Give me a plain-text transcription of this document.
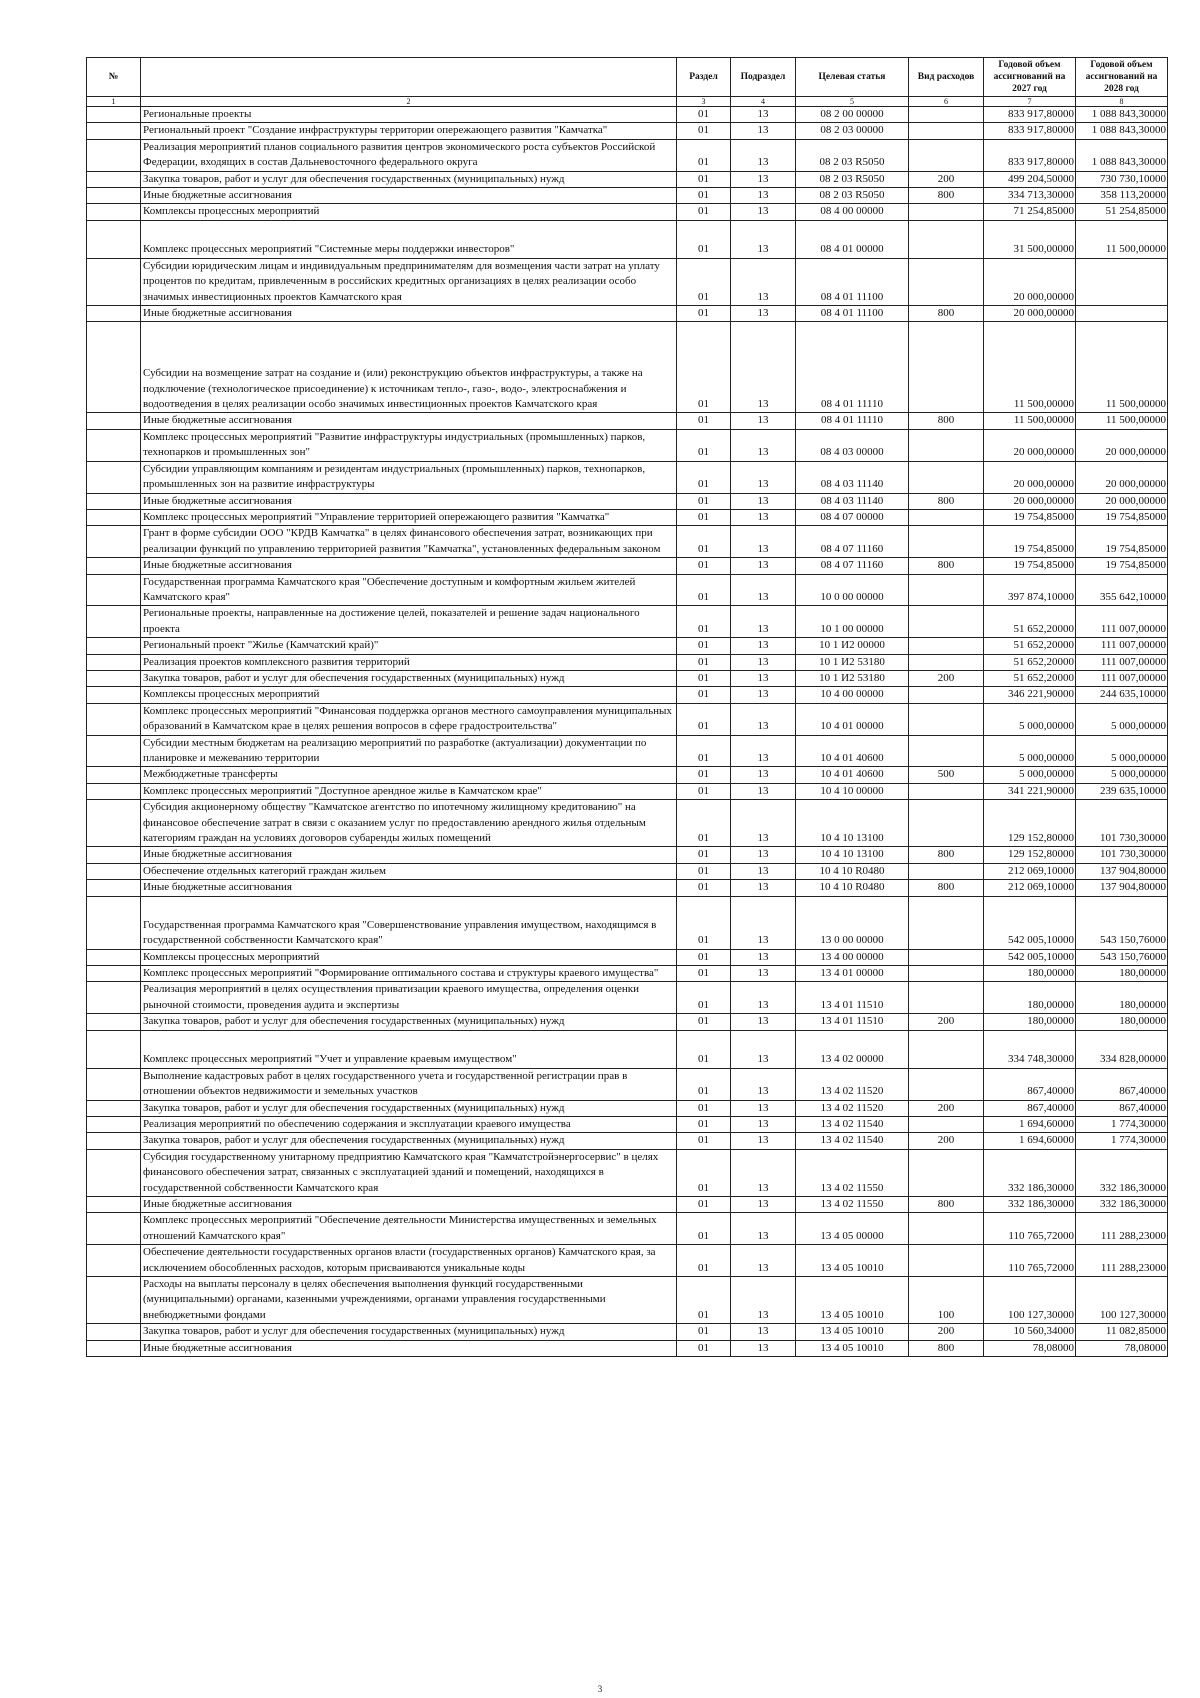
№		Раздел	Подраздел	Целевая статья	Вид расходов	Годовой объем ассигнований на 2027 год	Годовой объем ассигнований на 2028 год
1	2	3	4	5	6	7	8
	Региональные проекты	01	13	08 2 00 00000		833 917,80000	1 088 843,30000
	Региональный проект "Создание инфраструктуры территории опережающего развития "Камчатка"	01	13	08 2 03 00000		833 917,80000	1 088 843,30000
	Реализация мероприятий планов социального развития центров экономического роста субъектов Российской Федерации, входящих в состав Дальневосточного федерального округа	01	13	08 2 03 R5050		833 917,80000	1 088 843,30000
	Закупка товаров, работ и услуг для обеспечения государственных (муниципальных) нужд	01	13	08 2 03 R5050	200	499 204,50000	730 730,10000
	Иные бюджетные ассигнования	01	13	08 2 03 R5050	800	334 713,30000	358 113,20000
	Комплексы процессных мероприятий	01	13	08 4 00 00000		71 254,85000	51 254,85000
	Комплекс процессных мероприятий "Системные меры поддержки инвесторов"	01	13	08 4 01 00000		31 500,00000	11 500,00000
	Субсидии юридическим лицам и индивидуальным предпринимателям для возмещения части затрат на уплату процентов по кредитам, привлеченным в российских кредитных организациях в целях реализации особо значимых инвестиционных проектов Камчатского края	01	13	08 4 01 11100		20 000,00000	
	Иные бюджетные ассигнования	01	13	08 4 01 11100	800	20 000,00000	
	Субсидии на возмещение затрат на создание и (или) реконструкцию объектов инфраструктуры, а также на подключение (технологическое присоединение) к источникам тепло-, газо-, водо-, электроснабжения и водоотведения в целях реализации особо значимых инвестиционных проектов Камчатского края	01	13	08 4 01 11110		11 500,00000	11 500,00000
	Иные бюджетные ассигнования	01	13	08 4 01 11110	800	11 500,00000	11 500,00000
	Комплекс процессных мероприятий "Развитие инфраструктуры индустриальных (промышленных) парков, технопарков и промышленных зон"	01	13	08 4 03 00000		20 000,00000	20 000,00000
	Субсидии управляющим компаниям и резидентам индустриальных (промышленных) парков, технопарков, промышленных зон на развитие инфраструктуры	01	13	08 4 03 11140		20 000,00000	20 000,00000
	Иные бюджетные ассигнования	01	13	08 4 03 11140	800	20 000,00000	20 000,00000
	Комплекс процессных мероприятий "Управление территорией опережающего развития "Камчатка"	01	13	08 4 07 00000		19 754,85000	19 754,85000
	Грант в форме субсидии ООО "КРДВ Камчатка" в целях финансового обеспечения затрат, возникающих при реализации функций по управлению территорией развития "Камчатка", установленных федеральным законом	01	13	08 4 07 11160		19 754,85000	19 754,85000
	Иные бюджетные ассигнования	01	13	08 4 07 11160	800	19 754,85000	19 754,85000
	Государственная программа Камчатского края "Обеспечение доступным и комфортным жильем жителей Камчатского края"	01	13	10 0 00 00000		397 874,10000	355 642,10000
	Региональные проекты, направленные на достижение целей, показателей и решение задач национального проекта	01	13	10 1 00 00000		51 652,20000	111 007,00000
	Региональный проект "Жилье (Камчатский край)"	01	13	10 1 И2 00000		51 652,20000	111 007,00000
	Реализация проектов комплексного развития территорий	01	13	10 1 И2 53180		51 652,20000	111 007,00000
	Закупка товаров, работ и услуг для обеспечения государственных (муниципальных) нужд	01	13	10 1 И2 53180	200	51 652,20000	111 007,00000
	Комплексы процессных мероприятий	01	13	10 4 00 00000		346 221,90000	244 635,10000
	Комплекс процессных мероприятий "Финансовая поддержка органов местного самоуправления муниципальных образований в Камчатском крае в целях решения вопросов в сфере градостроительства"	01	13	10 4 01 00000		5 000,00000	5 000,00000
	Субсидии местным бюджетам на реализацию мероприятий по разработке (актуализации) документации по планировке и межеванию территории	01	13	10 4 01 40600		5 000,00000	5 000,00000
	Межбюджетные трансферты	01	13	10 4 01 40600	500	5 000,00000	5 000,00000
	Комплекс процессных мероприятий "Доступное арендное жилье в Камчатском крае"	01	13	10 4 10 00000		341 221,90000	239 635,10000
	Субсидия акционерному обществу "Камчатское агентство по ипотечному жилищному кредитованию" на финансовое обеспечение затрат в связи с оказанием услуг по предоставлению арендного жилья отдельным категориям граждан на условиях договоров субаренды жилых помещений	01	13	10 4 10 13100		129 152,80000	101 730,30000
	Иные бюджетные ассигнования	01	13	10 4 10 13100	800	129 152,80000	101 730,30000
	Обеспечение отдельных категорий граждан жильем	01	13	10 4 10 R0480		212 069,10000	137 904,80000
	Иные бюджетные ассигнования	01	13	10 4 10 R0480	800	212 069,10000	137 904,80000
	Государственная программа Камчатского края "Совершенствование управления имуществом, находящимся в государственной собственности Камчатского края"	01	13	13 0 00 00000		542 005,10000	543 150,76000
	Комплексы процессных мероприятий	01	13	13 4 00 00000		542 005,10000	543 150,76000
	Комплекс процессных мероприятий "Формирование оптимального состава и структуры краевого имущества"	01	13	13 4 01 00000		180,00000	180,00000
	Реализация мероприятий в целях осуществления приватизации краевого имущества, определения оценки рыночной стоимости, проведения аудита и экспертизы	01	13	13 4 01 11510		180,00000	180,00000
	Закупка товаров, работ и услуг для обеспечения государственных (муниципальных) нужд	01	13	13 4 01 11510	200	180,00000	180,00000
	Комплекс процессных мероприятий "Учет и управление краевым имуществом"	01	13	13 4 02 00000		334 748,30000	334 828,00000
	Выполнение кадастровых работ в целях государственного учета и государственной регистрации прав в отношении объектов недвижимости и земельных участков	01	13	13 4 02 11520		867,40000	867,40000
	Закупка товаров, работ и услуг для обеспечения государственных (муниципальных) нужд	01	13	13 4 02 11520	200	867,40000	867,40000
	Реализация мероприятий по обеспечению содержания и эксплуатации краевого имущества	01	13	13 4 02 11540		1 694,60000	1 774,30000
	Закупка товаров, работ и услуг для обеспечения государственных (муниципальных) нужд	01	13	13 4 02 11540	200	1 694,60000	1 774,30000
	Субсидия государственному унитарному предприятию Камчатского края "Камчатстройэнергосервис" в целях финансового обеспечения затрат, связанных с эксплуатацией зданий и помещений, находящихся в государственной собственности Камчатского края	01	13	13 4 02 11550		332 186,30000	332 186,30000
	Иные бюджетные ассигнования	01	13	13 4 02 11550	800	332 186,30000	332 186,30000
	Комплекс процессных мероприятий "Обеспечение деятельности Министерства имущественных и земельных отношений Камчатского края"	01	13	13 4 05 00000		110 765,72000	111 288,23000
	Обеспечение деятельности государственных органов власти (государственных органов) Камчатского края, за исключением обособленных расходов, которым присваиваются уникальные коды	01	13	13 4 05 10010		110 765,72000	111 288,23000
	Расходы на выплаты персоналу в целях обеспечения выполнения функций государственными (муниципальными) органами, казенными учреждениями, органами управления государственными внебюджетными фондами	01	13	13 4 05 10010	100	100 127,30000	100 127,30000
	Закупка товаров, работ и услуг для обеспечения государственных (муниципальных) нужд	01	13	13 4 05 10010	200	10 560,34000	11 082,85000
	Иные бюджетные ассигнования	01	13	13 4 05 10010	800	78,08000	78,08000
3
